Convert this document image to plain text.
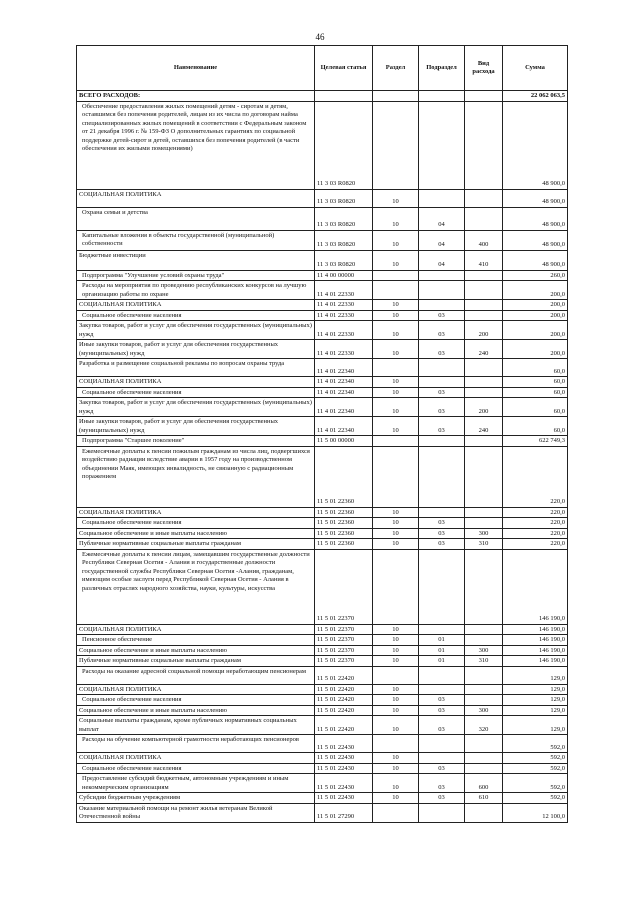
46
Наименование	Целевая статья	Раздел	Подраздел	Вид расхода	Сумма
ВСЕГО РАСХОДОВ:					22 062 063,5
Обеспечение предоставления жилых помещений детям - сиротам и детям, оставшимся без попечения родителей, лицам из их числа по договорам найма специализированных жилых помещений в соответствии с Федеральным законом от 21 декабря 1996 г. № 159-ФЗ О дополнительных гарантиях по социальной поддержке детей-сирот и детей, оставшихся без попечения родителей (в части обеспечения их жилыми помещениями)	11 3 03 R0820				48 900,0
СОЦИАЛЬНАЯ ПОЛИТИКА	11 3 03 R0820	10			48 900,0
Охрана семьи и детства	11 3 03 R0820	10	04		48 900,0
Капитальные вложения в объекты государственной (муниципальной) собственности	11 3 03 R0820	10	04	400	48 900,0
Бюджетные инвестиции	11 3 03 R0820	10	04	410	48 900,0
Подпрограмма "Улучшение условий охраны труда"	11 4 00 00000				260,0
Расходы на мероприятия по проведению республиканских конкурсов на лучшую организацию работы по охране	11 4 01 22330				200,0
СОЦИАЛЬНАЯ ПОЛИТИКА	11 4 01 22330	10			200,0
Социальное обеспечение населения	11 4 01 22330	10	03		200,0
Закупка товаров, работ и услуг для обеспечения государственных (муниципальных) нужд	11 4 01 22330	10	03	200	200,0
Иные закупки товаров, работ и услуг для обеспечения государственных (муниципальных) нужд	11 4 01 22330	10	03	240	200,0
Разработка и размещение социальной рекламы по вопросам охраны труда	11 4 01 22340				60,0
СОЦИАЛЬНАЯ ПОЛИТИКА	11 4 01 22340	10			60,0
Социальное обеспечение населения	11 4 01 22340	10	03		60,0
Закупка товаров, работ и услуг для обеспечения государственных (муниципальных) нужд	11 4 01 22340	10	03	200	60,0
Иные закупки товаров, работ и услуг для обеспечения государственных (муниципальных) нужд	11 4 01 22340	10	03	240	60,0
Подпрограмма "Старшее поколение"	11 5 00 00000				622 749,3
Ежемесячные доплаты к пенсии пожилым гражданам из числа лиц, подвергшихся воздействию радиации вследствие аварии в 1957 году на производственном объединении Маяк, имеющих инвалидность, не связанную с радиационным поражением	11 5 01 22360				220,0
СОЦИАЛЬНАЯ ПОЛИТИКА	11 5 01 22360	10			220,0
Социальное обеспечение населения	11 5 01 22360	10	03		220,0
Социальное обеспечение и иные выплаты населению	11 5 01 22360	10	03	300	220,0
Публичные нормативные социальные выплаты гражданам	11 5 01 22360	10	03	310	220,0
Ежемесячные доплаты к пенсии лицам, замещавшим государственные должности Республики Северная Осетия - Алания и государственные должности государственной службы Республики Северная Осетия -Алания, гражданам, имеющим особые заслуги перед Республикой Северная Осетия - Алания в различных отраслях народного хозяйства, науки, культуры, искусства	11 5 01 22370				146 190,0
СОЦИАЛЬНАЯ ПОЛИТИКА	11 5 01 22370	10			146 190,0
Пенсионное обеспечение	11 5 01 22370	10	01		146 190,0
Социальное обеспечение и иные выплаты населению	11 5 01 22370	10	01	300	146 190,0
Публичные нормативные социальные выплаты гражданам	11 5 01 22370	10	01	310	146 190,0
Расходы на оказание адресной социальной помощи неработающим пенсионерам	11 5 01 22420				129,0
СОЦИАЛЬНАЯ ПОЛИТИКА	11 5 01 22420	10			129,0
Социальное обеспечение населения	11 5 01 22420	10	03		129,0
Социальное обеспечение и иные выплаты населению	11 5 01 22420	10	03	300	129,0
Социальные выплаты гражданам, кроме публичных нормативных социальных выплат	11 5 01 22420	10	03	320	129,0
Расходы на обучение компьютерной грамотности неработающих пенсионеров	11 5 01 22430				592,0
СОЦИАЛЬНАЯ ПОЛИТИКА	11 5 01 22430	10			592,0
Социальное обеспечение населения	11 5 01 22430	10	03		592,0
Предоставление субсидий бюджетным, автономным учреждениям и иным некоммерческим организациям	11 5 01 22430	10	03	600	592,0
Субсидии бюджетным учреждениям	11 5 01 22430	10	03	610	592,0
Оказание материальной помощи на ремонт жилья ветеранам Великой Отечественной войны	11 5 01 27290				12 100,0
